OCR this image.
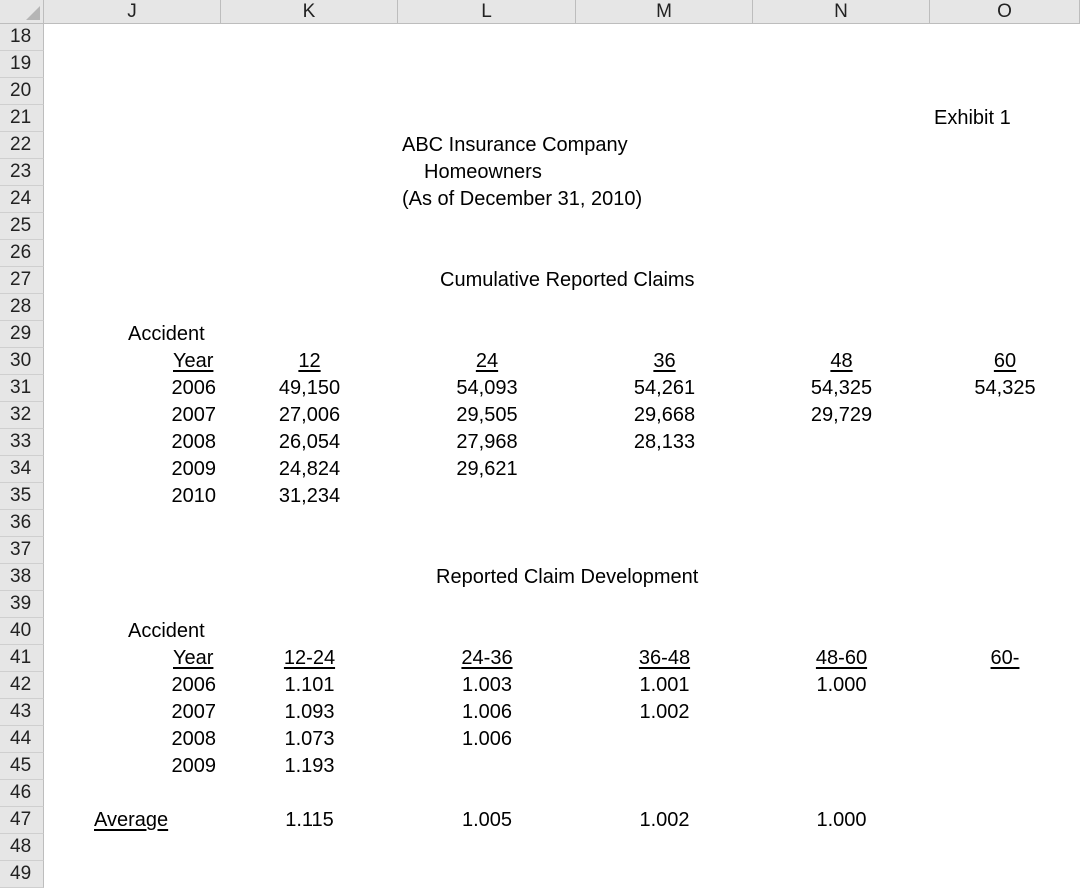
J	K	L	M	N	O
18
19
20
21
22
23
24
25
26
27
28
29
30
31
32
33
34
35
36
37
38
39
40
41
42
43
44
45
46
47
48
49
Exhibit 1
ABC Insurance Company
Homeowners
(As of December 31, 2010)
Cumulative Reported Claims
Accident
Year	12	24	36	48	60
2006	49,150	54,093	54,261	54,325	54,325
2007	27,006	29,505	29,668	29,729
2008	26,054	27,968	28,133
2009	24,824	29,621
2010	31,234
Reported Claim Development
Accident
Year	12-24	24-36	36-48	48-60	60-
2006	1.101	1.003	1.001	1.000
2007	1.093	1.006	1.002
2008	1.073	1.006
2009	1.193
Average	1.115	1.005	1.002	1.000
